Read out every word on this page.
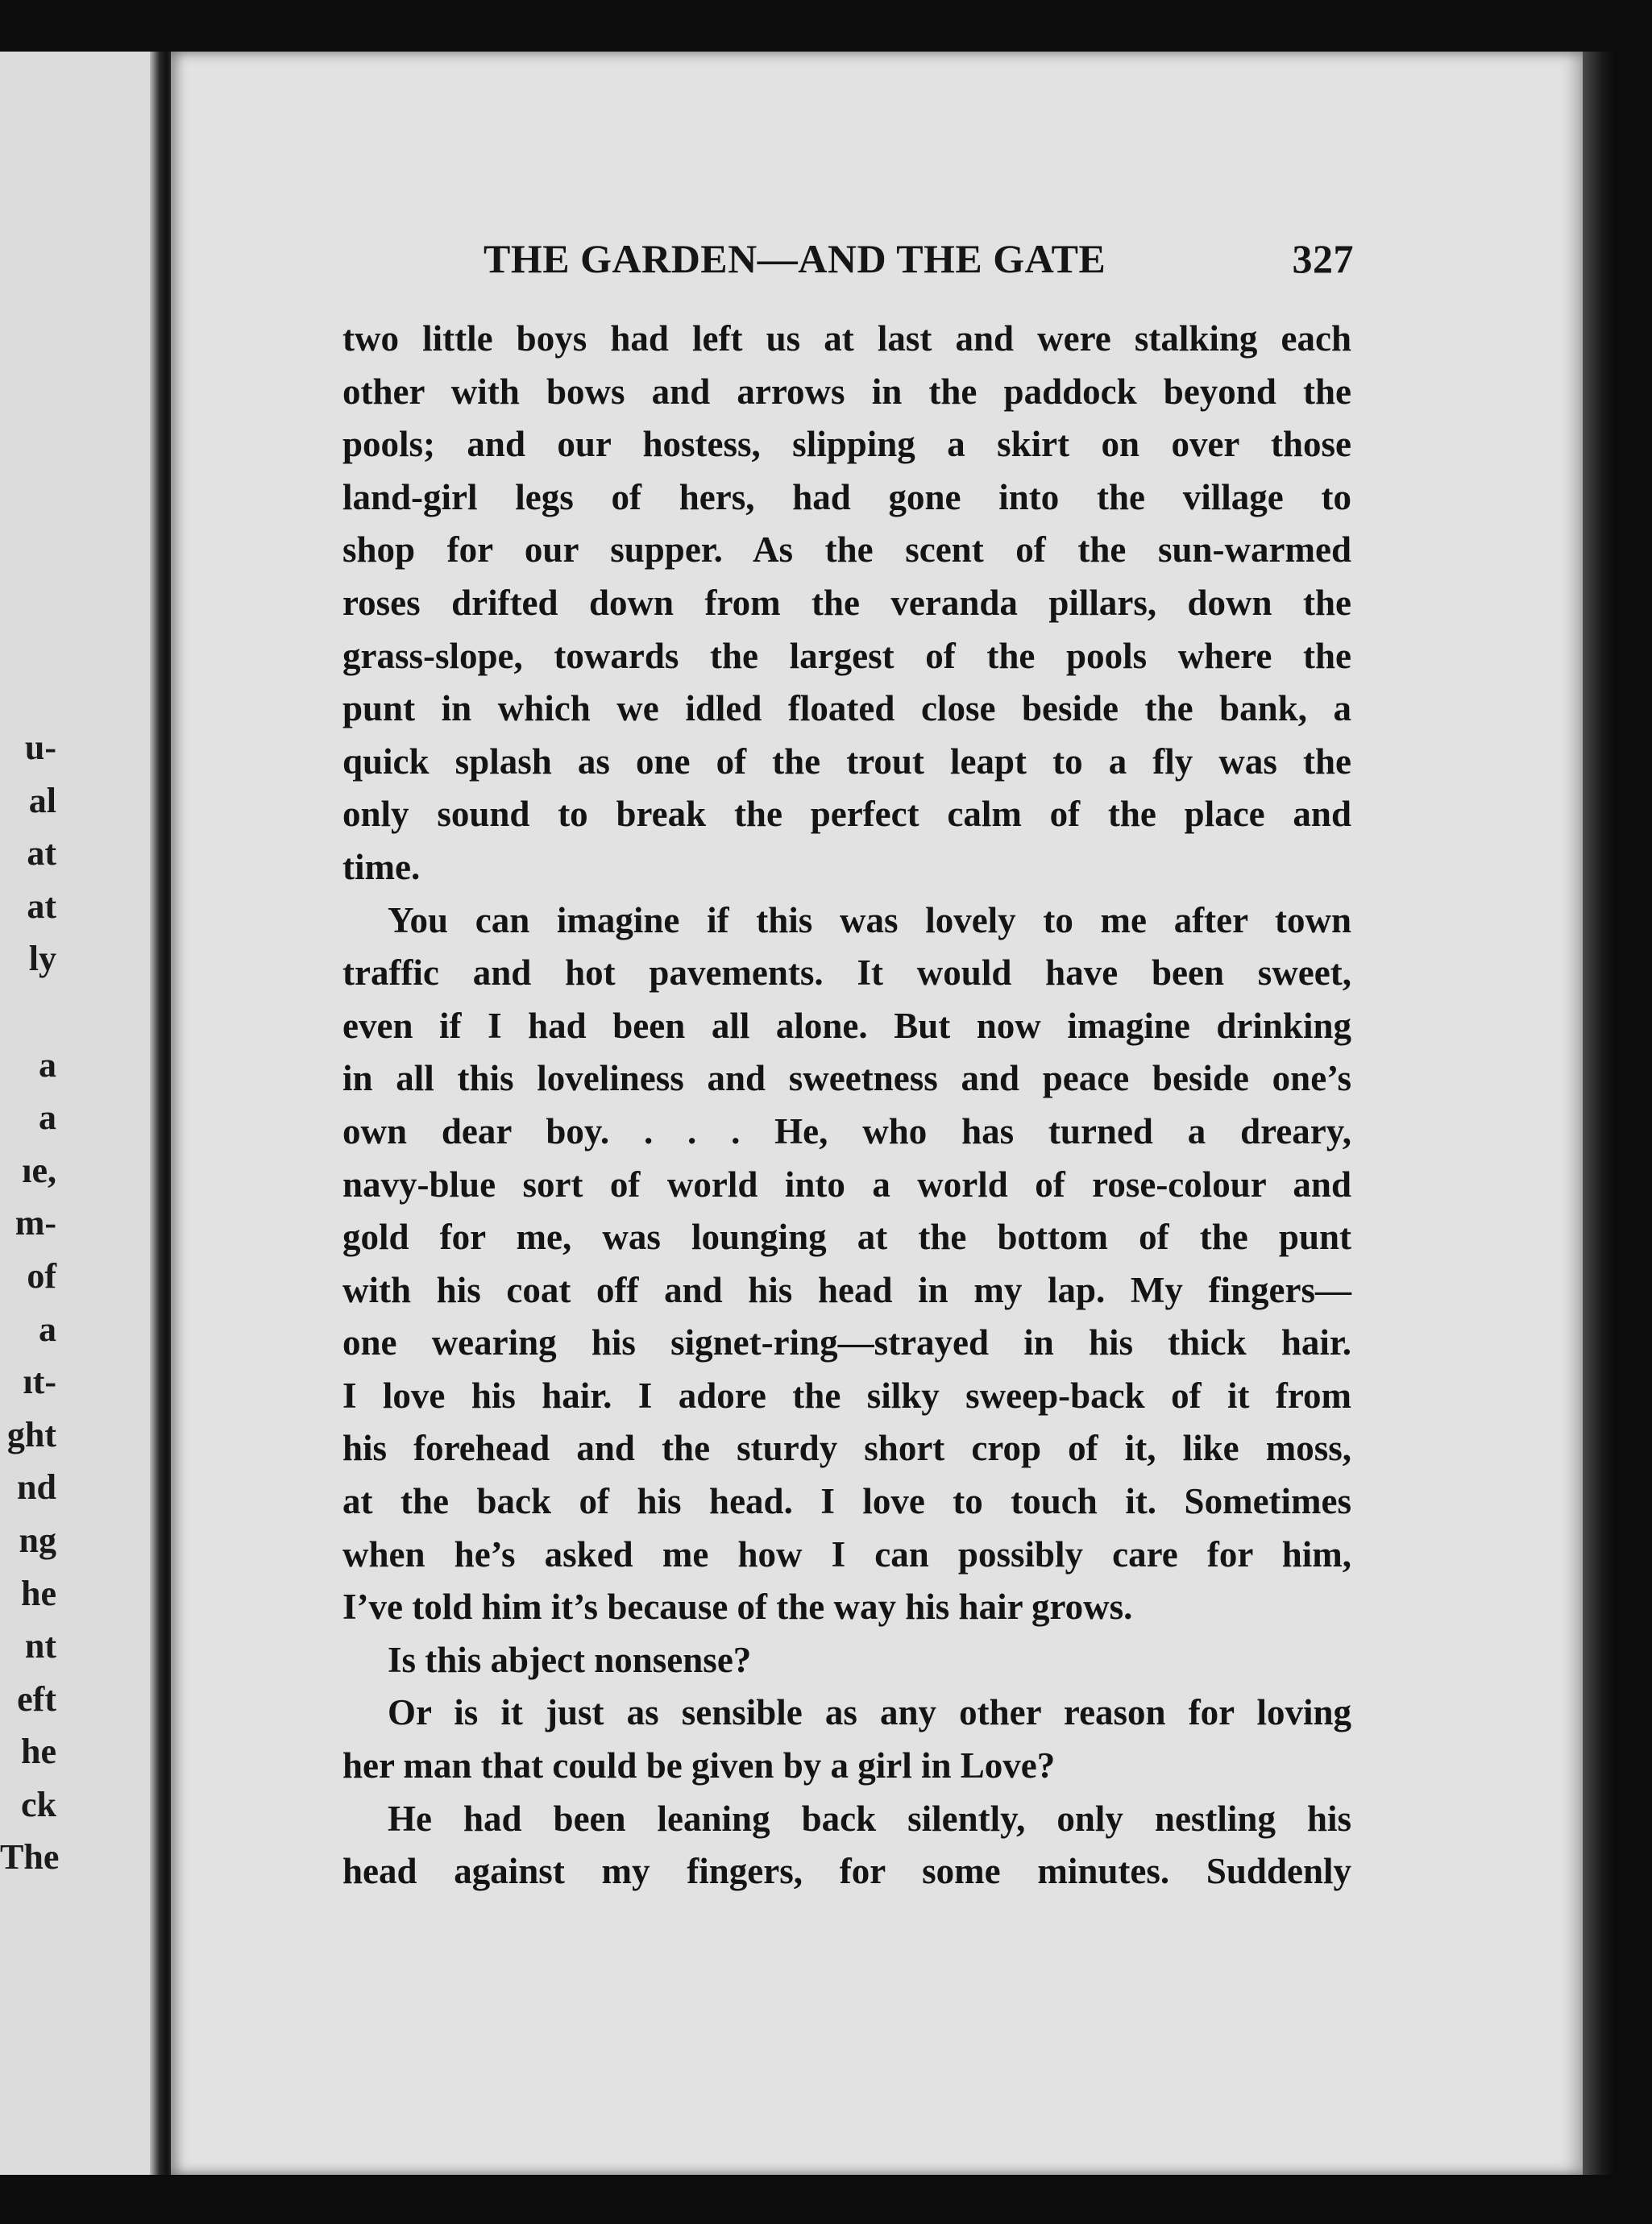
u-
al
at
at
ly
a
a
ıe,
m-
of
a
ıt-
ght
nd
ng
he
nt
eft
he
ck
The
THE GARDEN—AND THE GATE	327
two little boys had left us at last and were stalking each
other with bows and arrows in the paddock beyond the
pools; and our hostess, slipping a skirt on over those
land-girl legs of hers, had gone into the village to
shop for our supper. As the scent of the sun-warmed
roses drifted down from the veranda pillars, down the
grass-slope, towards the largest of the pools where the
punt in which we idled floated close beside the bank, a
quick splash as one of the trout leapt to a fly was the
only sound to break the perfect calm of the place and
time.
You can imagine if this was lovely to me after town
traffic and hot pavements. It would have been sweet,
even if I had been all alone. But now imagine drinking
in all this loveliness and sweetness and peace beside one’s
own dear boy. . . . He, who has turned a dreary,
navy-blue sort of world into a world of rose-colour and
gold for me, was lounging at the bottom of the punt
with his coat off and his head in my lap. My fingers—
one wearing his signet-ring—strayed in his thick hair.
I love his hair. I adore the silky sweep-back of it from
his forehead and the sturdy short crop of it, like moss,
at the back of his head. I love to touch it. Sometimes
when he’s asked me how I can possibly care for him,
I’ve told him it’s because of the way his hair grows.
Is this abject nonsense?
Or is it just as sensible as any other reason for loving
her man that could be given by a girl in Love?
He had been leaning back silently, only nestling his
head against my fingers, for some minutes. Suddenly
